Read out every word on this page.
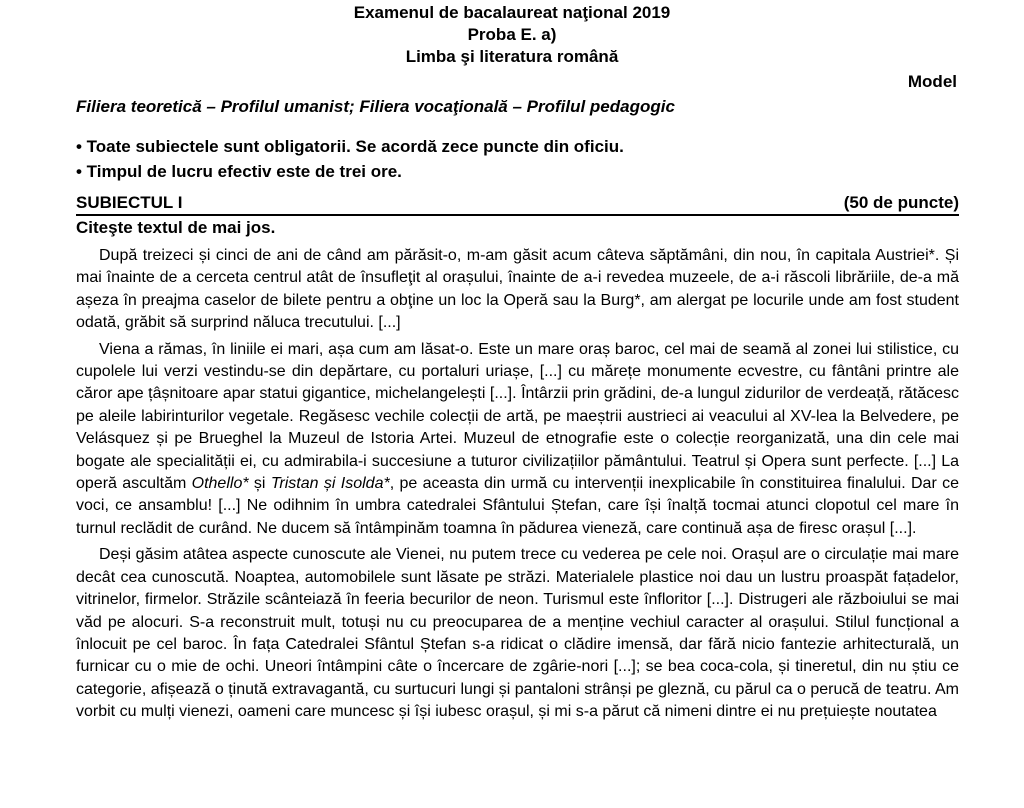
Examenul de bacalaureat naţional 2019
Proba E. a)
Limba şi literatura română
Model
Filiera teoretică – Profilul umanist; Filiera vocaţională – Profilul pedagogic
• Toate subiectele sunt obligatorii. Se acordă zece puncte din oficiu.
• Timpul de lucru efectiv este de trei ore.
SUBIECTUL I	(50 de puncte)
Citeşte textul de mai jos.

După treizeci și cinci de ani de când am părăsit-o, m-am găsit acum câteva săptămâni, din nou, în capitala Austriei*. Și mai înainte de a cerceta centrul atât de însufleţit al orașului, înainte de a-i revedea muzeele, de a-i răscoli librăriile, de-a mă așeza în preajma caselor de bilete pentru a obţine un loc la Operă sau la Burg*, am alergat pe locurile unde am fost student odată, grăbit să surprind năluca trecutului. [...]

Viena a rămas, în liniile ei mari, așa cum am lăsat-o. Este un mare oraș baroc, cel mai de seamă al zonei lui stilistice, cu cupolele lui verzi vestindu-se din depărtare, cu portaluri uriașe, [...] cu mărețe monumente ecvestre, cu fântâni printre ale căror ape țâșnitoare apar statui gigantice, michelangelești [...]. Întârzii prin grădini, de-a lungul zidurilor de verdeață, rătăcesc pe aleile labirinturilor vegetale. Regăsesc vechile colecții de artă, pe maeștrii austrieci ai veacului al XV-lea la Belvedere, pe Velásquez și pe Brueghel la Muzeul de Istoria Artei. Muzeul de etnografie este o colecție reorganizată, una din cele mai bogate ale specialității ei, cu admirabila-i succesiune a tuturor civilizațiilor pământului. Teatrul și Opera sunt perfecte. [...] La operă ascultăm Othello* și Tristan și Isolda*, pe aceasta din urmă cu intervenții inexplicabile în constituirea finalului. Dar ce voci, ce ansamblu! [...] Ne odihnim în umbra catedralei Sfântului Ștefan, care își înalță tocmai atunci clopotul cel mare în turnul reclădit de curând. Ne ducem să întâmpinăm toamna în pădurea vieneză, care continuă așa de firesc orașul [...].

Deși găsim atâtea aspecte cunoscute ale Vienei, nu putem trece cu vederea pe cele noi. Orașul are o circulație mai mare decât cea cunoscută. Noaptea, automobilele sunt lăsate pe străzi. Materialele plastice noi dau un lustru proaspăt fațadelor, vitrinelor, firmelor. Străzile scânteiază în feeria becurilor de neon. Turismul este înfloritor [...]. Distrugeri ale războiului se mai văd pe alocuri. S-a reconstruit mult, totuși nu cu preocuparea de a menține vechiul caracter al orașului. Stilul funcțional a înlocuit pe cel baroc. În fața Catedralei Sfântul Ștefan s-a ridicat o clădire imensă, dar fără nicio fantezie arhitecturală, un furnicar cu o mie de ochi. Uneori întâmpini câte o încercare de zgârie-nori [...]; se bea coca-cola, și tineretul, din nu știu ce categorie, afișează o ținută extravagantă, cu surtucuri lungi și pantaloni strânși pe gleznă, cu părul ca o perucă de teatru. Am vorbit cu mulți vienezi, oameni care muncesc și își iubesc orașul, și mi s-a părut că nimeni dintre ei nu prețuiește noutatea
